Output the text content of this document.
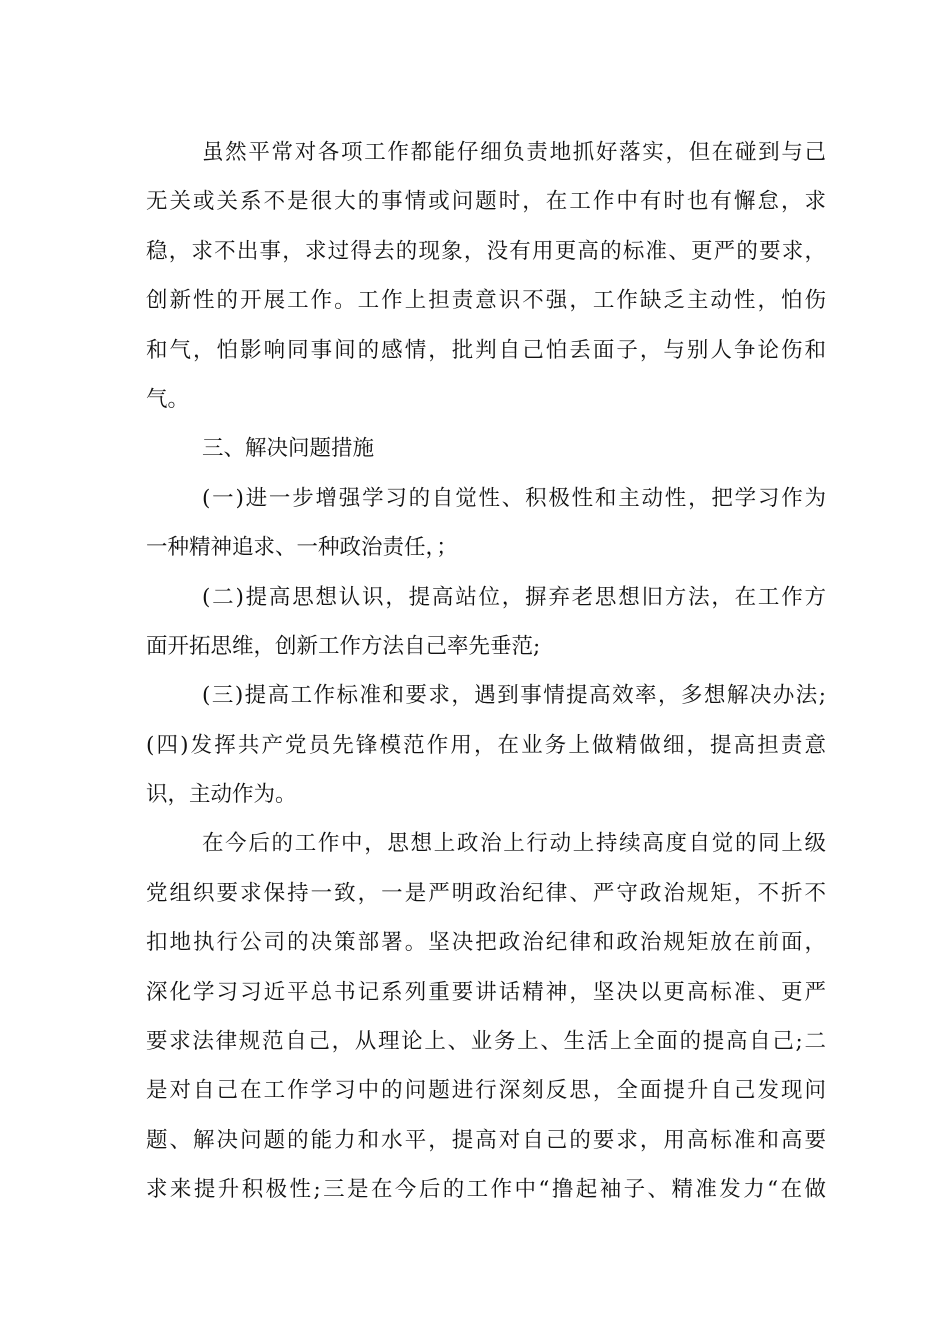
虽然平常对各项工作都能仔细负责地抓好落实，但在碰到与己
无关或关系不是很大的事情或问题时，在工作中有时也有懈怠，求
稳，求不出事，求过得去的现象，没有用更高的标准、更严的要求，
创新性的开展工作。工作上担责意识不强，工作缺乏主动性，怕伤
和气，怕影响同事间的感情，批判自己怕丢面子，与别人争论伤和
气。
三、解决问题措施
(一)进一步增强学习的自觉性、积极性和主动性，把学习作为
一种精神追求、一种政治责任，；
(二)提高思想认识，提高站位，摒弃老思想旧方法，在工作方
面开拓思维，创新工作方法自己率先垂范;
(三)提高工作标准和要求，遇到事情提高效率，多想解决办法;
(四)发挥共产党员先锋模范作用，在业务上做精做细，提高担责意
识，主动作为。
在今后的工作中，思想上政治上行动上持续高度自觉的同上级
党组织要求保持一致，一是严明政治纪律、严守政治规矩，不折不
扣地执行公司的决策部署。坚决把政治纪律和政治规矩放在前面，
深化学习习近平总书记系列重要讲话精神，坚决以更高标准、更严
要求法律规范自己，从理论上、业务上、生活上全面的提高自己;二
是对自己在工作学习中的问题进行深刻反思，全面提升自己发现问
题、解决问题的能力和水平，提高对自己的要求，用高标准和高要
求来提升积极性;三是在今后的工作中“撸起袖子、精准发力“在做
